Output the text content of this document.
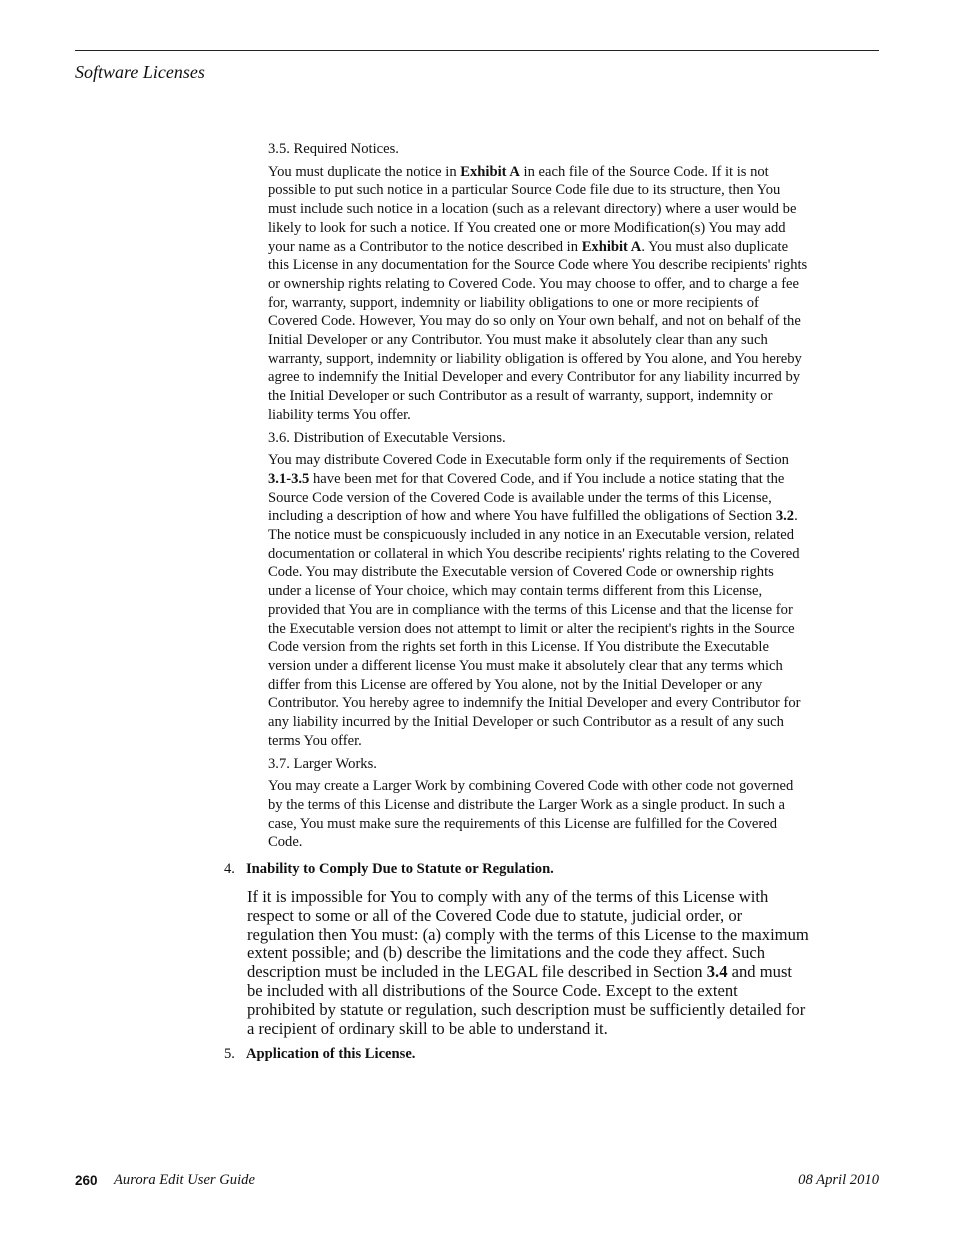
Software Licenses
3.5. Required Notices.

You must duplicate the notice in Exhibit A in each file of the Source Code. If it is not possible to put such notice in a particular Source Code file due to its structure, then You must include such notice in a location (such as a relevant directory) where a user would be likely to look for such a notice. If You created one or more Modification(s) You may add your name as a Contributor to the notice described in Exhibit A. You must also duplicate this License in any documentation for the Source Code where You describe recipients' rights or ownership rights relating to Covered Code. You may choose to offer, and to charge a fee for, warranty, support, indemnity or liability obligations to one or more recipients of Covered Code. However, You may do so only on Your own behalf, and not on behalf of the Initial Developer or any Contributor. You must make it absolutely clear than any such warranty, support, indemnity or liability obligation is offered by You alone, and You hereby agree to indemnify the Initial Developer and every Contributor for any liability incurred by the Initial Developer or such Contributor as a result of warranty, support, indemnity or liability terms You offer.

3.6. Distribution of Executable Versions.

You may distribute Covered Code in Executable form only if the requirements of Section 3.1-3.5 have been met for that Covered Code, and if You include a notice stating that the Source Code version of the Covered Code is available under the terms of this License, including a description of how and where You have fulfilled the obligations of Section 3.2. The notice must be conspicuously included in any notice in an Executable version, related documentation or collateral in which You describe recipients' rights relating to the Covered Code. You may distribute the Executable version of Covered Code or ownership rights under a license of Your choice, which may contain terms different from this License, provided that You are in compliance with the terms of this License and that the license for the Executable version does not attempt to limit or alter the recipient's rights in the Source Code version from the rights set forth in this License. If You distribute the Executable version under a different license You must make it absolutely clear that any terms which differ from this License are offered by You alone, not by the Initial Developer or any Contributor. You hereby agree to indemnify the Initial Developer and every Contributor for any liability incurred by the Initial Developer or such Contributor as a result of any such terms You offer.

3.7. Larger Works.

You may create a Larger Work by combining Covered Code with other code not governed by the terms of this License and distribute the Larger Work as a single product. In such a case, You must make sure the requirements of this License are fulfilled for the Covered Code.

4. Inability to Comply Due to Statute or Regulation.

If it is impossible for You to comply with any of the terms of this License with respect to some or all of the Covered Code due to statute, judicial order, or regulation then You must: (a) comply with the terms of this License to the maximum extent possible; and (b) describe the limitations and the code they affect. Such description must be included in the LEGAL file described in Section 3.4 and must be included with all distributions of the Source Code. Except to the extent prohibited by statute or regulation, such description must be sufficiently detailed for a recipient of ordinary skill to be able to understand it.

5. Application of this License.
260 Aurora Edit User Guide	08 April 2010
